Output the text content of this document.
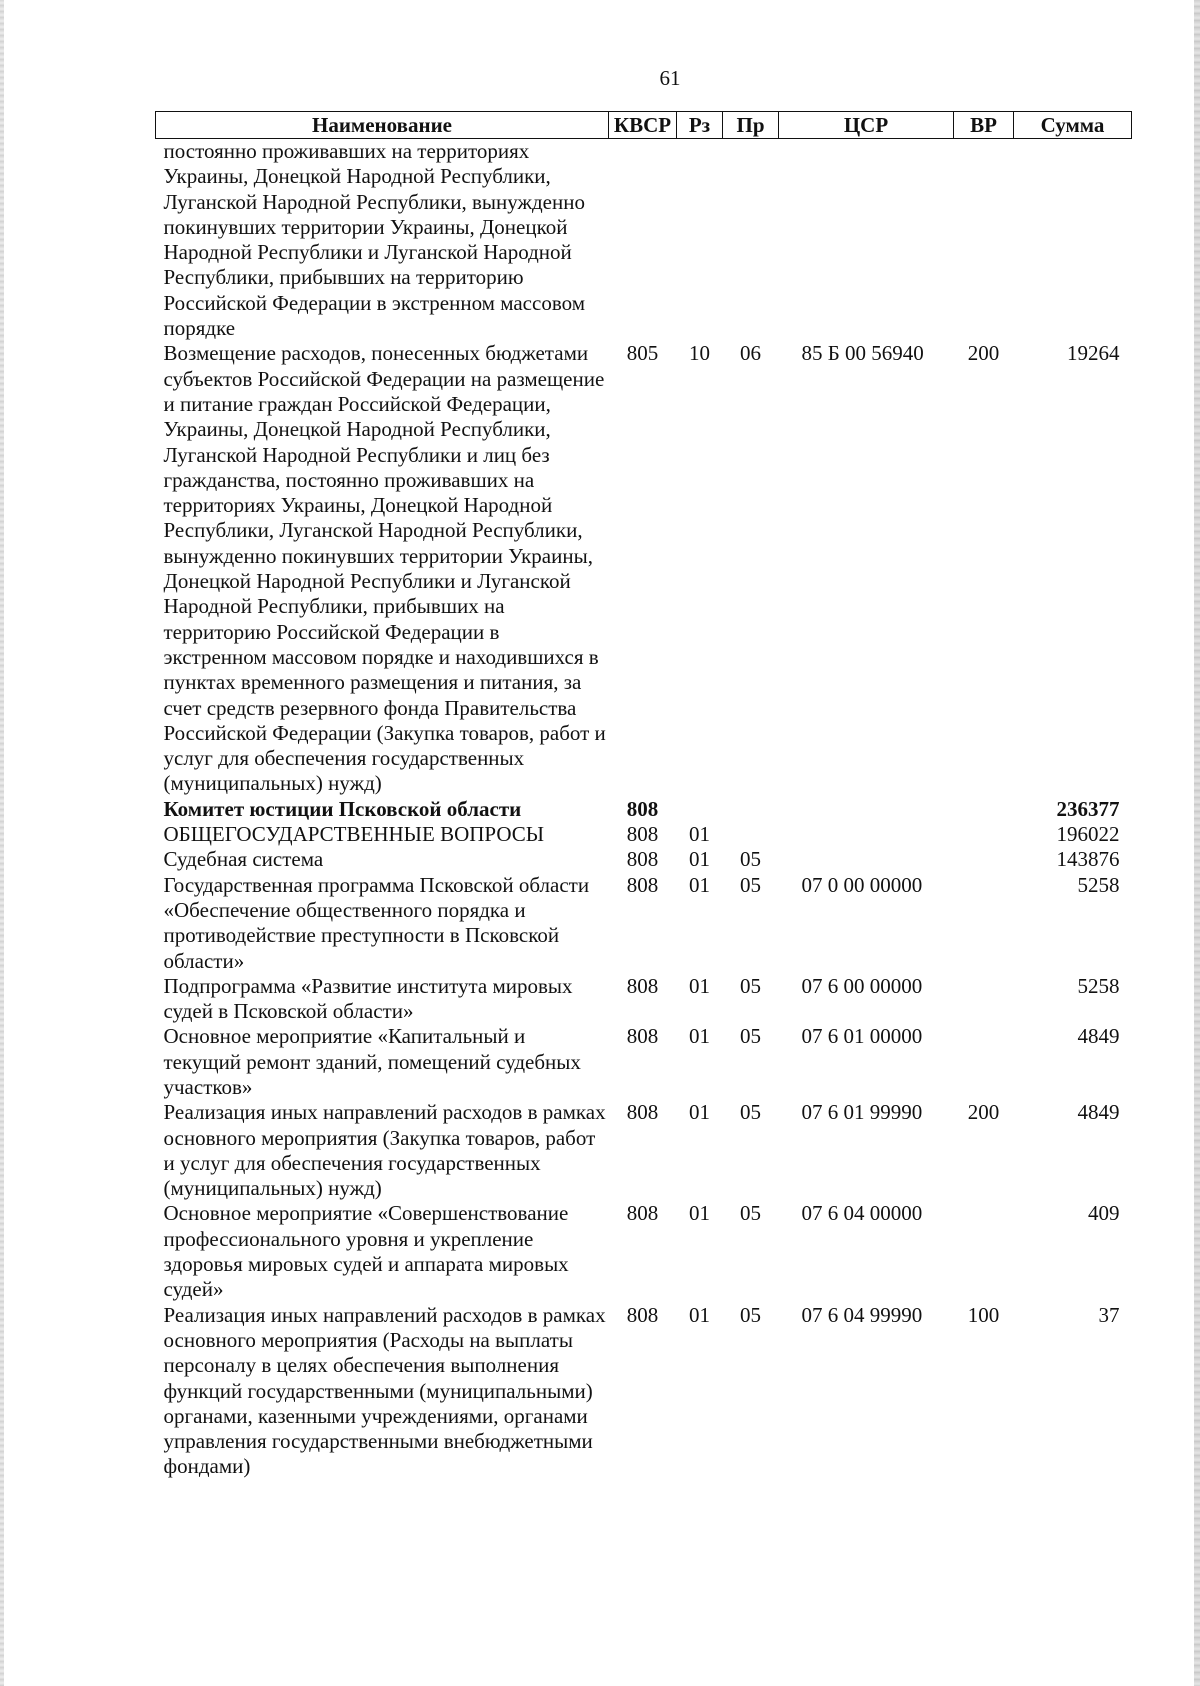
61
Наименование	КВСР	Рз	Пр	ЦСР	ВР	Сумма
постоянно проживавших на территориях Украины, Донецкой Народной Республики, Луганской Народной Республики, вынужденно покинувших территории Украины, Донецкой Народной Республики и Луганской Народной Республики, прибывших на территорию Российской Федерации в экстренном массовом порядке						
Возмещение расходов, понесенных бюджетами субъектов Российской Федерации на размещение и питание граждан Российской Федерации, Украины, Донецкой Народной Республики, Луганской Народной Республики и лиц без гражданства, постоянно проживавших на территориях Украины, Донецкой Народной Республики, Луганской Народной Республики, вынужденно покинувших территории Украины, Донецкой Народной Республики и Луганской Народной Республики, прибывших на территорию Российской Федерации в экстренном массовом порядке и находившихся в пунктах временного размещения и питания, за счет средств резервного фонда Правительства Российской Федерации (Закупка товаров, работ и услуг для обеспечения государственных (муниципальных) нужд)	805	10	06	85 Б 00 56940	200	19264
Комитет юстиции Псковской области	808					236377
ОБЩЕГОСУДАРСТВЕННЫЕ ВОПРОСЫ	808	01				196022
Судебная система	808	01	05			143876
Государственная программа Псковской области «Обеспечение общественного порядка и противодействие преступности в Псковской области»	808	01	05	07 0 00 00000		5258
Подпрограмма «Развитие института мировых судей в Псковской области»	808	01	05	07 6 00 00000		5258
Основное мероприятие «Капитальный и текущий ремонт зданий, помещений судебных участков»	808	01	05	07 6 01 00000		4849
Реализация иных направлений расходов в рамках основного мероприятия (Закупка товаров, работ и услуг для обеспечения государственных (муниципальных) нужд)	808	01	05	07 6 01 99990	200	4849
Основное мероприятие «Совершенствование профессионального уровня и укрепление здоровья мировых судей и аппарата мировых судей»	808	01	05	07 6 04 00000		409
Реализация иных направлений расходов в рамках основного мероприятия (Расходы на выплаты персоналу в целях обеспечения выполнения функций государственными (муниципальными) органами, казенными учреждениями, органами управления государственными внебюджетными фондами)	808	01	05	07 6 04 99990	100	37
